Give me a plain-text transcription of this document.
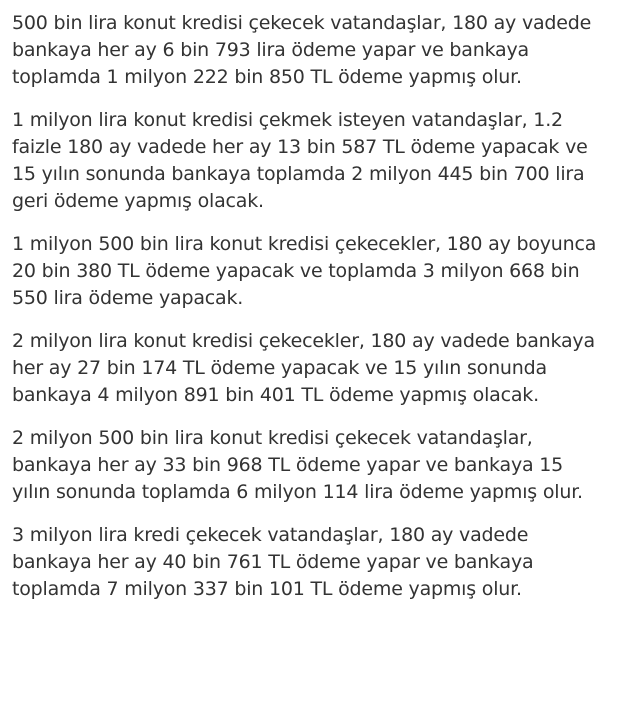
500 bin lira konut kredisi çekecek vatandaşlar, 180 ay vadede bankaya her ay 6 bin 793 lira ödeme yapar ve bankaya toplamda 1 milyon 222 bin 850 TL ödeme yapmış olur.

1 milyon lira konut kredisi çekmek isteyen vatandaşlar, 1.2 faizle 180 ay vadede her ay 13 bin 587 TL ödeme yapacak ve 15 yılın sonunda bankaya toplamda 2 milyon 445 bin 700 lira geri ödeme yapmış olacak.

1 milyon 500 bin lira konut kredisi çekecekler, 180 ay boyunca 20 bin 380 TL ödeme yapacak ve toplamda 3 milyon 668 bin 550 lira ödeme yapacak.

2 milyon lira konut kredisi çekecekler, 180 ay vadede bankaya her ay 27 bin 174 TL ödeme yapacak ve 15 yılın sonunda bankaya 4 milyon 891 bin 401 TL ödeme yapmış olacak.

2 milyon 500 bin lira konut kredisi çekecek vatandaşlar, bankaya her ay 33 bin 968 TL ödeme yapar ve bankaya 15 yılın sonunda toplamda 6 milyon 114 lira ödeme yapmış olur.

3 milyon lira kredi çekecek vatandaşlar, 180 ay vadede bankaya her ay 40 bin 761 TL ödeme yapar ve bankaya toplamda 7 milyon 337 bin 101 TL ödeme yapmış olur.
